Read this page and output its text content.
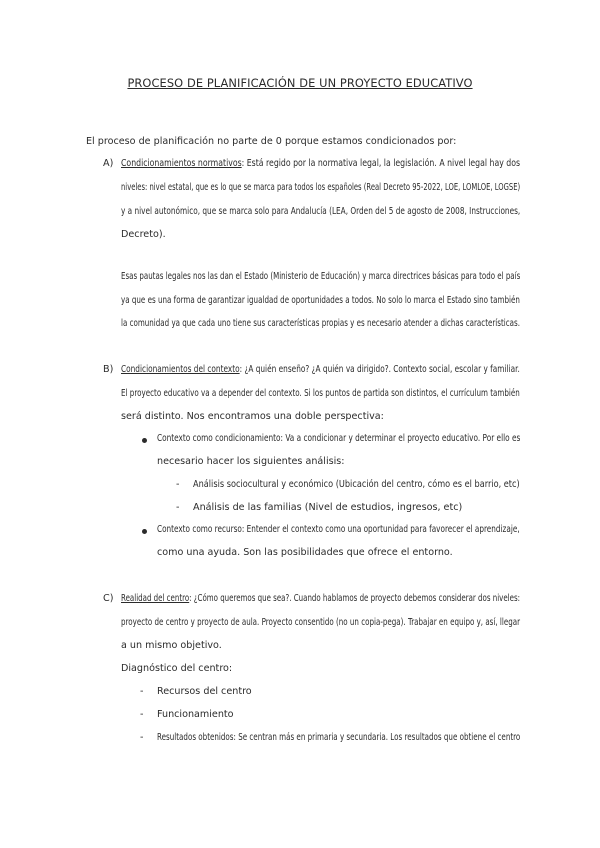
PROCESO DE PLANIFICACIÓN DE UN PROYECTO EDUCATIVO
El proceso de planificación no parte de 0 porque estamos condicionados por:
A) Condicionamientos normativos: Está regido por la normativa legal, la legislación. A nivel legal hay dos
niveles: nivel estatal, que es lo que se marca para todos los españoles (Real Decreto 95-2022, LOE, LOMLOE, LOGSE)
y a nivel autonómico, que se marca solo para Andalucía (LEA, Orden del 5 de agosto de 2008, Instrucciones,
Decreto).
Esas pautas legales nos las dan el Estado (Ministerio de Educación) y marca directrices básicas para todo el país
ya que es una forma de garantizar igualdad de oportunidades a todos. No solo lo marca el Estado sino también
la comunidad ya que cada uno tiene sus características propias y es necesario atender a dichas características.
B) Condicionamientos del contexto: ¿A quién enseño? ¿A quién va dirigido?. Contexto social, escolar y familiar.
El proyecto educativo va a depender del contexto. Si los puntos de partida son distintos, el currículum también
será distinto. Nos encontramos una doble perspectiva:
Contexto como condicionamiento: Va a condicionar y determinar el proyecto educativo. Por ello es
necesario hacer los siguientes análisis:
- Análisis sociocultural y económico (Ubicación del centro, cómo es el barrio, etc)
- Análisis de las familias (Nivel de estudios, ingresos, etc)
Contexto como recurso: Entender el contexto como una oportunidad para favorecer el aprendizaje,
como una ayuda. Son las posibilidades que ofrece el entorno.
C) Realidad del centro: ¿Cómo queremos que sea?. Cuando hablamos de proyecto debemos considerar dos niveles:
proyecto de centro y proyecto de aula. Proyecto consentido (no un copia-pega). Trabajar en equipo y, así, llegar
a un mismo objetivo.
Diagnóstico del centro:
- Recursos del centro
- Funcionamiento
- Resultados obtenidos: Se centran más en primaria y secundaria. Los resultados que obtiene el centro
